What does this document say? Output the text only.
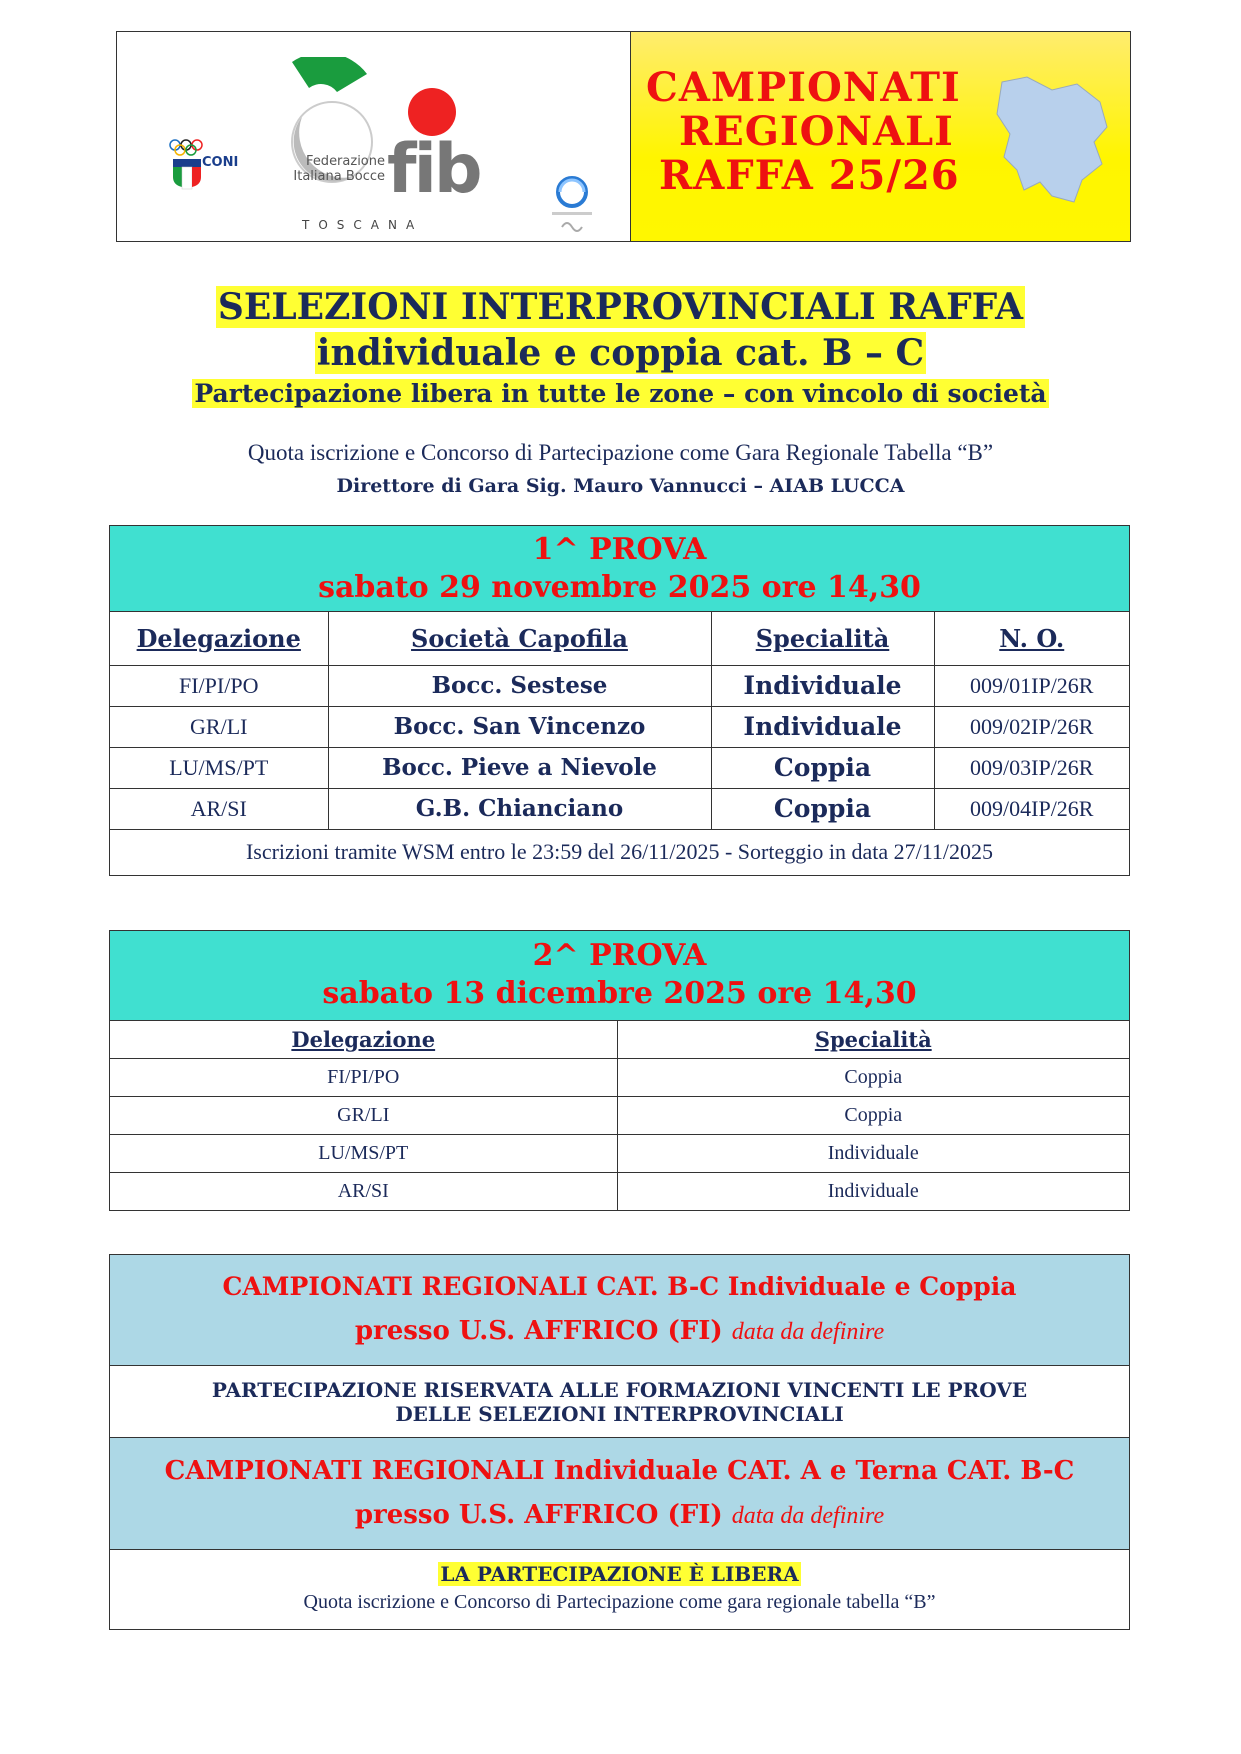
CONI	Federazione
Italiana Bocce fib
TOSCANA
CAMPIONATI
REGIONALI
RAFFA 25/26
SELEZIONI INTERPROVINCIALI RAFFA
individuale e coppia cat. B – C
Partecipazione libera in tutte le zone – con vincolo di società
Quota iscrizione e Concorso di Partecipazione come Gara Regionale Tabella “B”
Direttore di Gara Sig. Mauro Vannucci – AIAB LUCCA
1^ PROVA
sabato 29 novembre 2025 ore 14,30
Delegazione	Società Capofila	Specialità	N. O.
FI/PI/PO	Bocc. Sestese	Individuale	009/01IP/26R
GR/LI	Bocc. San Vincenzo	Individuale	009/02IP/26R
LU/MS/PT	Bocc. Pieve a Nievole	Coppia	009/03IP/26R
AR/SI	G.B. Chianciano	Coppia	009/04IP/26R
Iscrizioni tramite WSM entro le 23:59 del 26/11/2025 - Sorteggio in data 27/11/2025			
2^ PROVA
sabato 13 dicembre 2025 ore 14,30
Delegazione	Specialità
FI/PI/PO	Coppia
GR/LI	Coppia
LU/MS/PT	Individuale
AR/SI	Individuale
CAMPIONATI REGIONALI CAT. B-C Individuale e Coppia
presso U.S. AFFRICO (FI) data da definire
PARTECIPAZIONE RISERVATA ALLE FORMAZIONI VINCENTI LE PROVE
DELLE SELEZIONI INTERPROVINCIALI
CAMPIONATI REGIONALI Individuale CAT. A e Terna CAT. B-C
presso U.S. AFFRICO (FI) data da definire
LA PARTECIPAZIONE È LIBERA
Quota iscrizione e Concorso di Partecipazione come gara regionale tabella “B”
